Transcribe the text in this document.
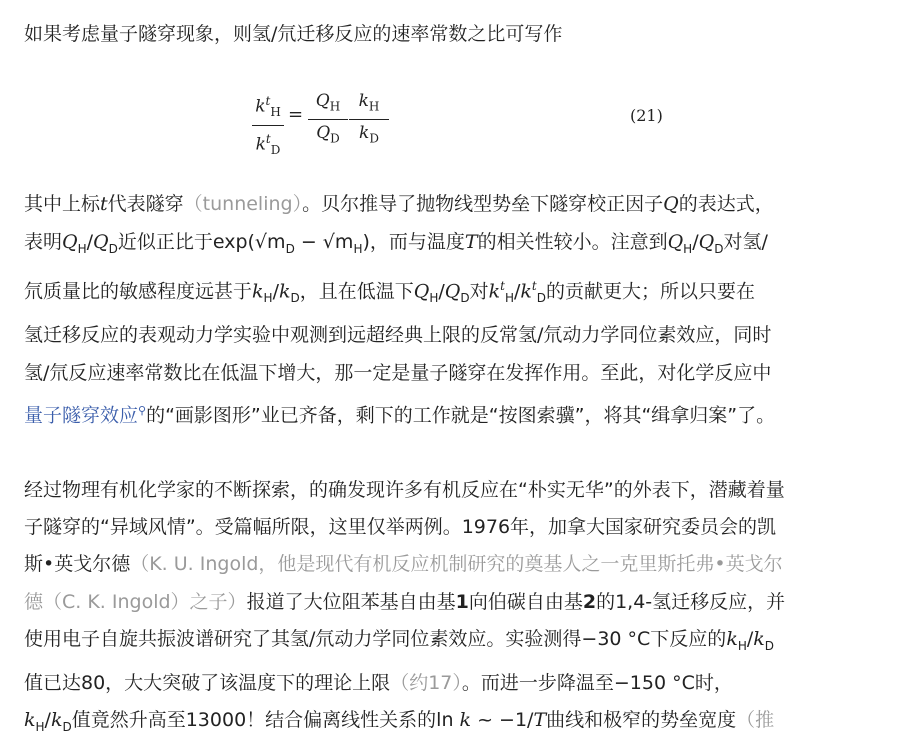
如果考虑量子隧穿现象，则氢/氘迁移反应的速率常数之比可写作
$k^t_H$
$k^t_D$
=
$Q_H$
$Q_D$
$k_H$
$k_D$
(21)
其中上标t代表隧穿（tunneling）。贝尔推导了抛物线型势垒下隧穿校正因子Q的表达式，
表明$Q_H/Q_D$近似正比于$\exp(√m_D - √m_H)$，而与温度T的相关性较小。注意到$Q_H/Q_D$对氢/
氘质量比的敏感程度远甚于$k_H/k_D$，且在低温下$Q_H/Q_D$对$k^t_H/k^t_D$的贡献更大；所以只要在
氢迁移反应的表观动力学实验中观测到远超经典上限的反常氢/氘动力学同位素效应，同时
氢/氘反应速率常数比在低温下增大，那一定是量子隧穿在发挥作用。至此，对化学反应中
量子隧穿效应⚲的“画影图形”业已齐备，剩下的工作就是“按图索骥”，将其“缉拿归案”了。
经过物理有机化学家的不断探索，的确发现许多有机反应在“朴实无华”的外表下，潜藏着量
子隧穿的“异域风情”。受篇幅所限，这里仅举两例。1976年，加拿大国家研究委员会的凯
斯•英戈尔德（K. U. Ingold，他是现代有机反应机制研究的奠基人之一克里斯托弗•英戈尔
德（C. K. Ingold）之子）报道了大位阻苯基自由基1向伯碳自由基2的1,4-氢迁移反应，并
使用电子自旋共振波谱研究了其氢/氘动力学同位素效应。实验测得−30 °C下反应的$k_H/k_D$
值已达80，大大突破了该温度下的理论上限（约17）。而进一步降温至−150 °C时，
$k_H/k_D$值竟然升高至13000！结合偏离线性关系的ln k ~ −1/T曲线和极窄的势垒宽度（推
